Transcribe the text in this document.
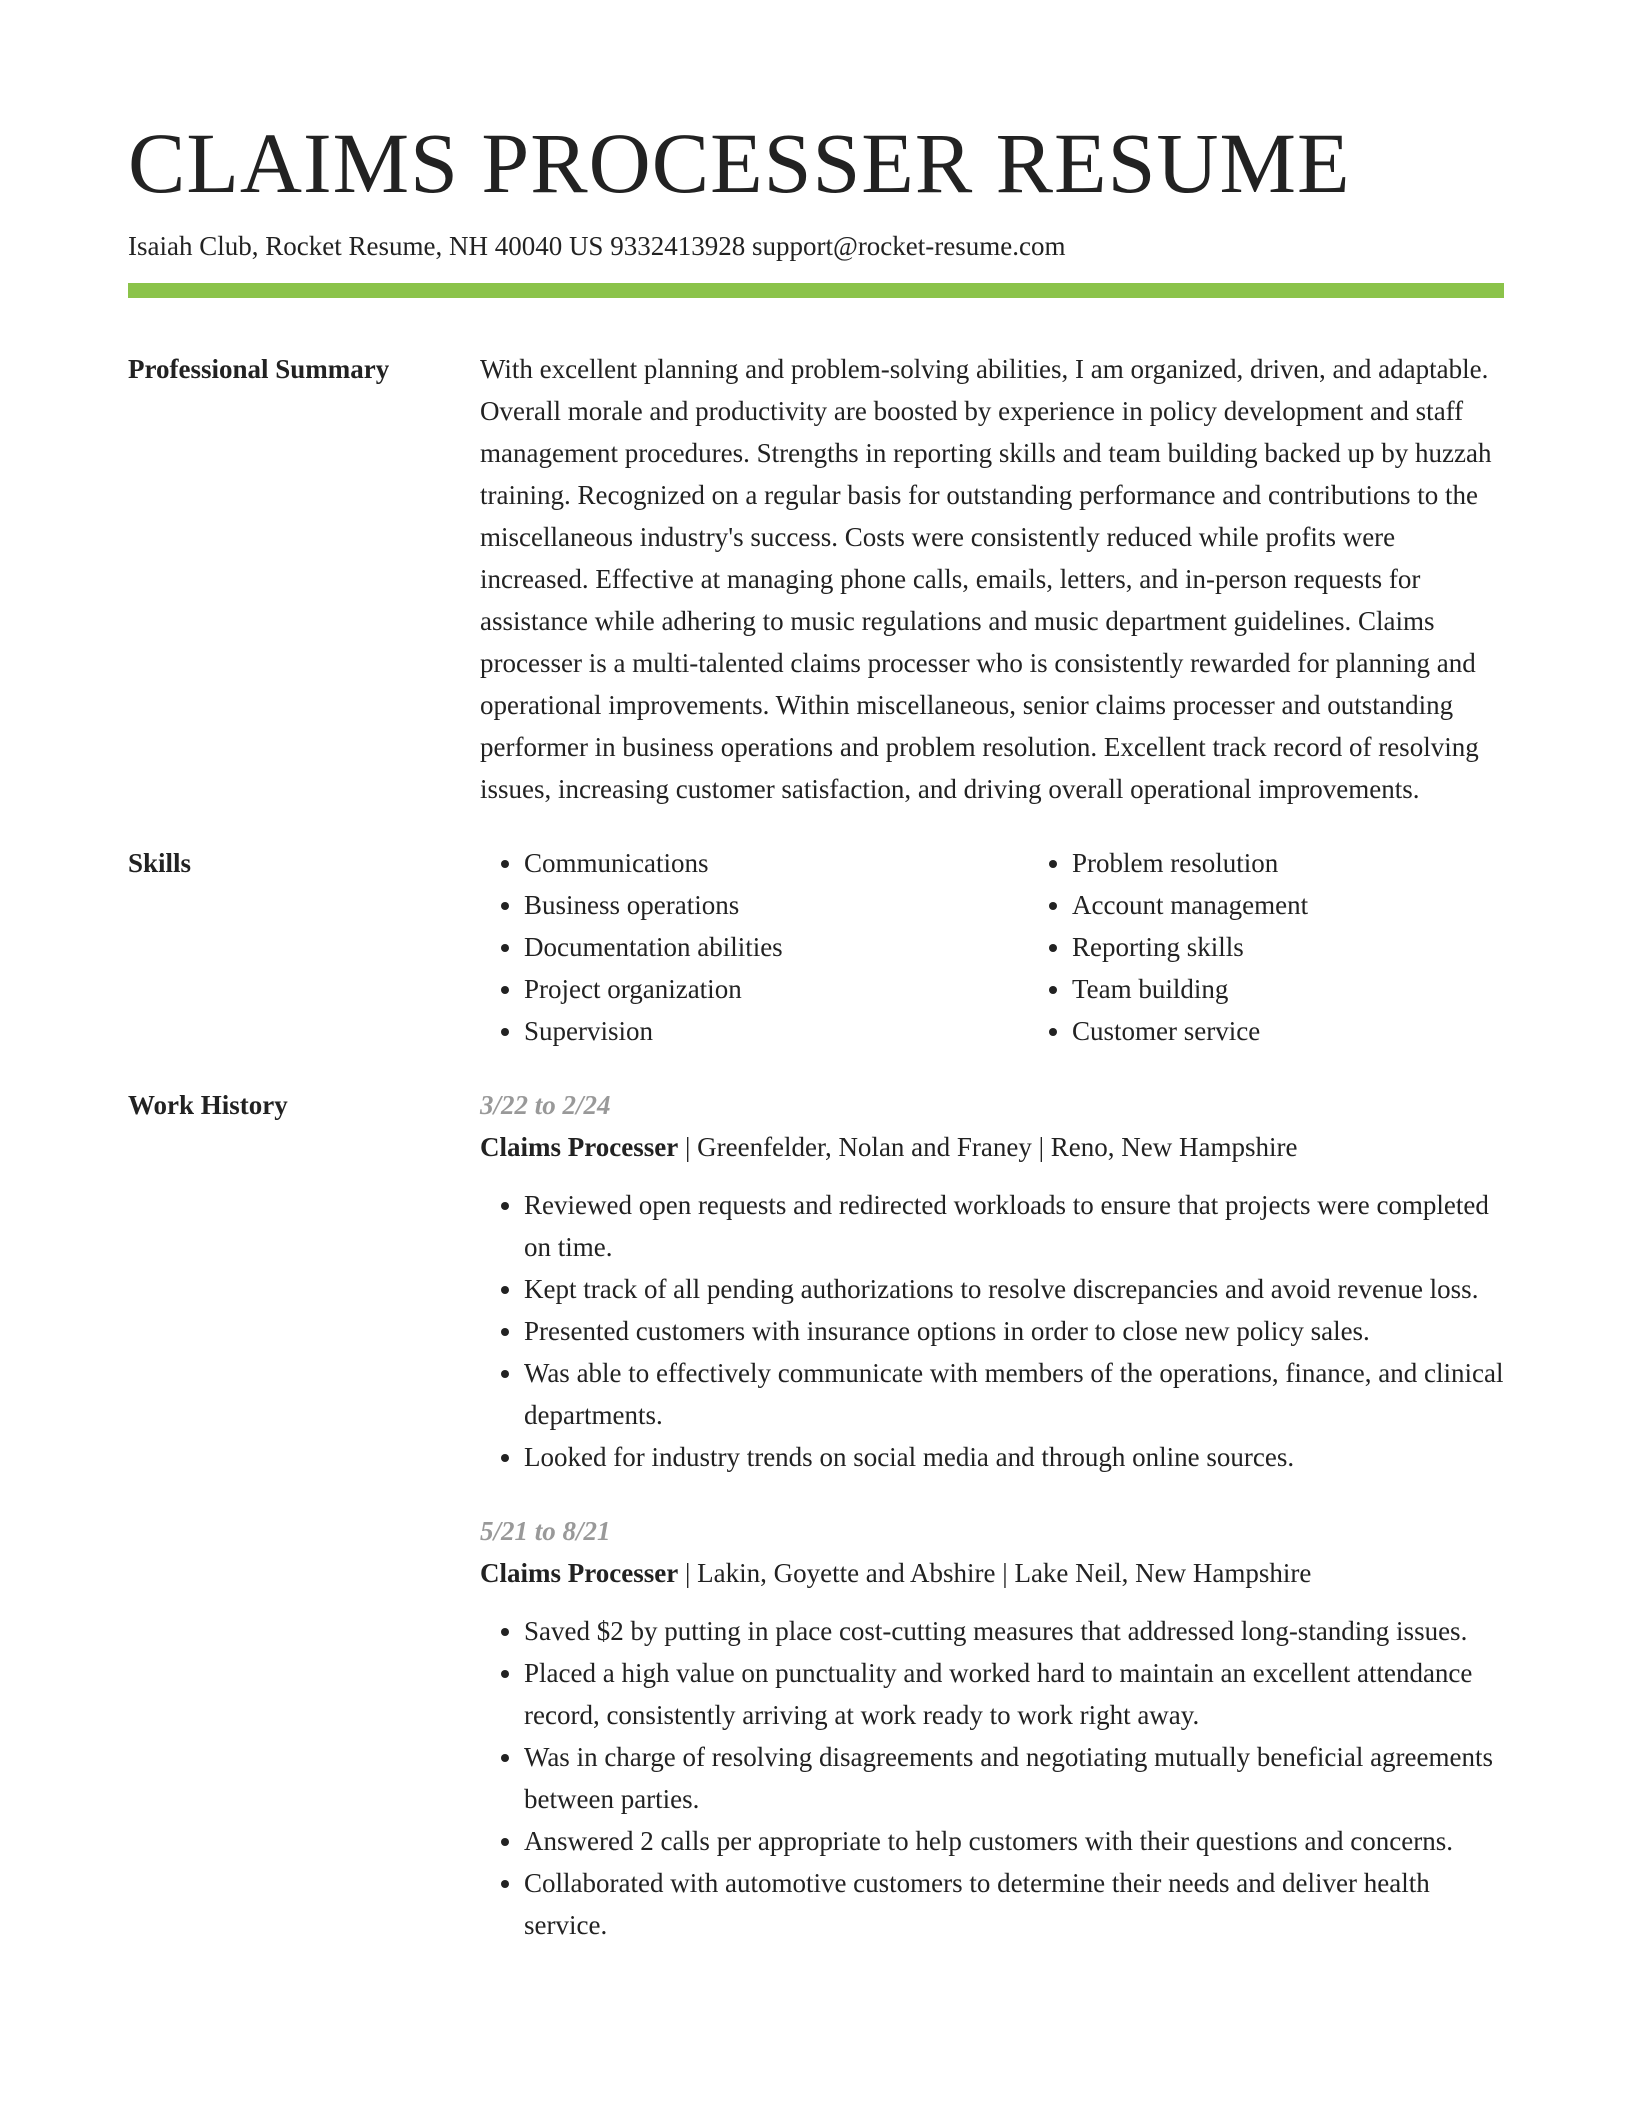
CLAIMS PROCESSER RESUME
Isaiah Club, Rocket Resume, NH 40040 US 9332413928 support@rocket-resume.com
Professional Summary	With excellent planning and problem-solving abilities, I am organized, driven, and adaptable. Overall morale and productivity are boosted by experience in policy development and staff management procedures. Strengths in reporting skills and team building backed up by huzzah training. Recognized on a regular basis for outstanding performance and contributions to the miscellaneous industry's success. Costs were consistently reduced while profits were increased. Effective at managing phone calls, emails, letters, and in-person requests for assistance while adhering to music regulations and music department guidelines. Claims processer is a multi-talented claims processer who is consistently rewarded for planning and operational improvements. Within miscellaneous, senior claims processer and outstanding performer in business operations and problem resolution. Excellent track record of resolving issues, increasing customer satisfaction, and driving overall operational improvements.

Skills	• Communications
• Business operations
• Documentation abilities
• Project organization
• Supervision
• Problem resolution
• Account management
• Reporting skills
• Team building
• Customer service
Work History	3/22 to 2/24
Claims Processer | Greenfelder, Nolan and Franey | Reno, New Hampshire
• Reviewed open requests and redirected workloads to ensure that projects were completed on time.
• Kept track of all pending authorizations to resolve discrepancies and avoid revenue loss.
• Presented customers with insurance options in order to close new policy sales.
• Was able to effectively communicate with members of the operations, finance, and clinical departments.
• Looked for industry trends on social media and through online sources.
5/21 to 8/21
Claims Processer | Lakin, Goyette and Abshire | Lake Neil, New Hampshire
• Saved $2 by putting in place cost-cutting measures that addressed long-standing issues.
• Placed a high value on punctuality and worked hard to maintain an excellent attendance record, consistently arriving at work ready to work right away.
• Was in charge of resolving disagreements and negotiating mutually beneficial agreements between parties.
• Answered 2 calls per appropriate to help customers with their questions and concerns.
• Collaborated with automotive customers to determine their needs and deliver health service.
